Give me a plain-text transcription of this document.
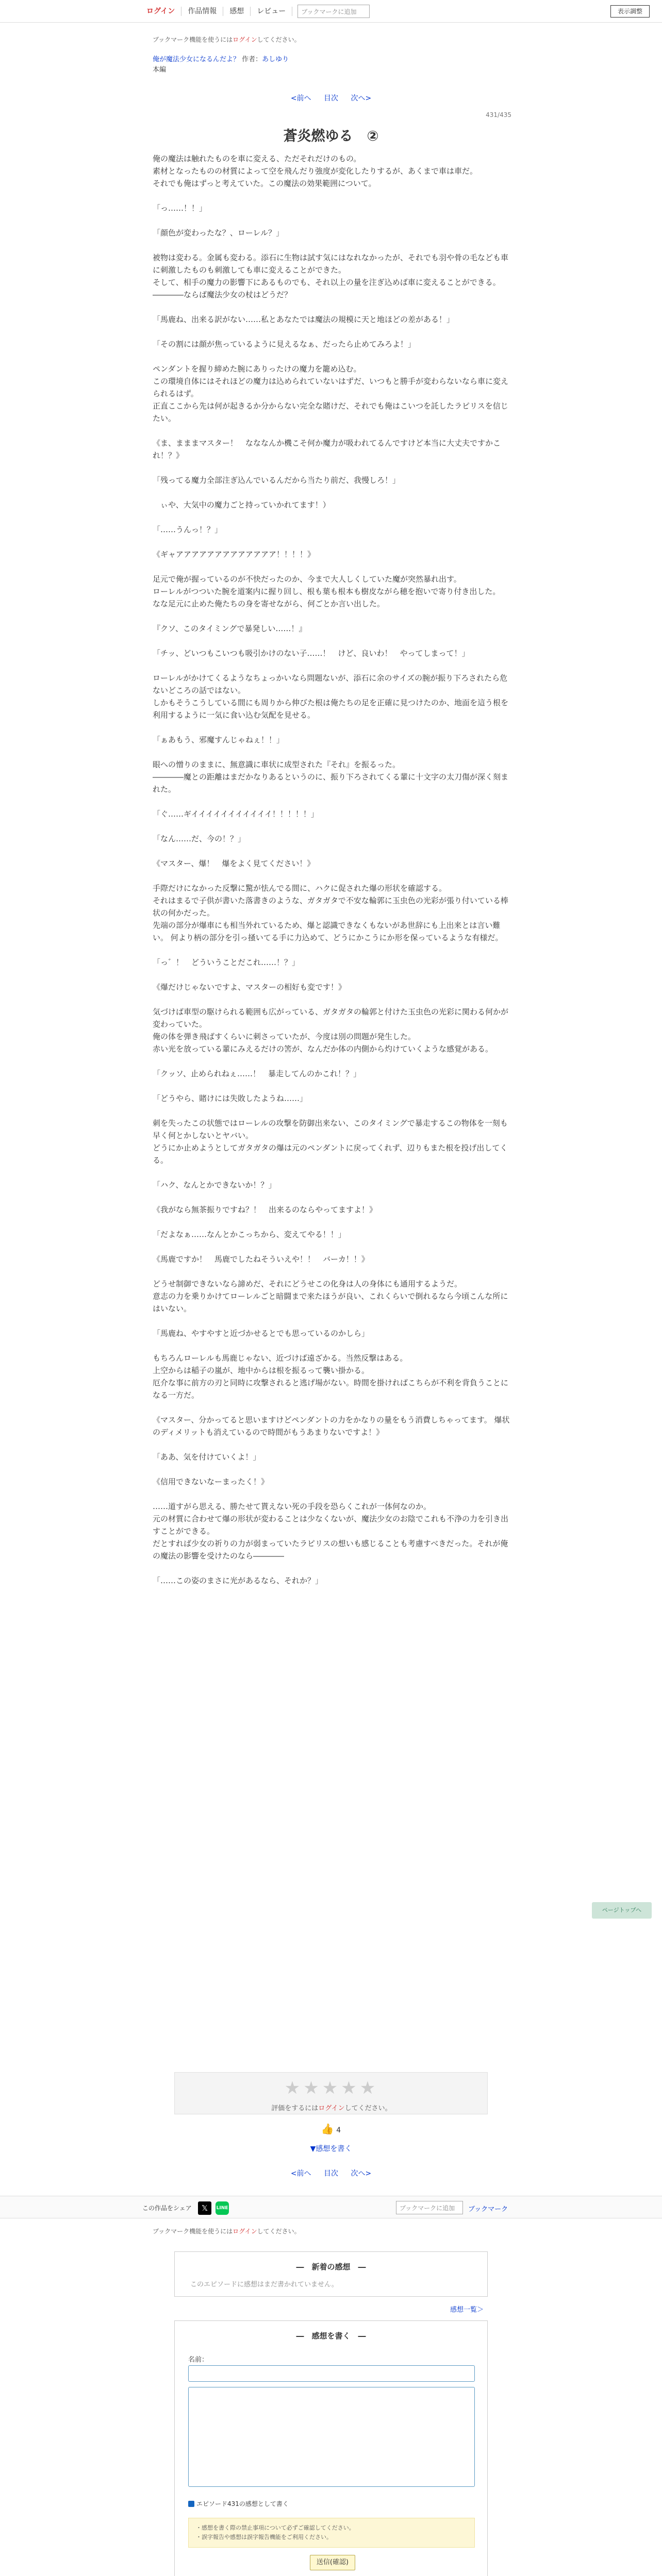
ログイン	作品情報	感想	レビュー	ブックマークに追加	表示調整
ブックマーク機能を使うにはログインしてください。
俺が魔法少女になるんだよ？ 作者：あしゆり
本編
<前へ 目次 次へ>
431/435
蒼炎燃ゆる　②

俺の魔法は触れたものを車に変える、ただそれだけのもの。
素材となったものの材質によって空を飛んだり強度が変化したりするが、あくまで車は車だ。
それでも俺はずっと考えていた。この魔法の効果範囲について。

「っ……！！」

「顔色が変わったな？、ローレル？」

被物は変わる。金属も変わる。添石に生物は試す気にはなれなかったが、それでも羽や骨の毛なども車に刺激したものも刺激しても車に変えることができた。
そして、相手の魔力の影響下にあるものでも、それ以上の量を注ぎ込めば車に変えることができる。
――――ならば魔法少女の杖はどうだ？

「馬鹿ね、出来る訳がない……私とあなたでは魔法の規模に天と地ほどの差がある！」

「その割には顔が焦っているように見えるなぁ、だったら止めてみろよ！」

ペンダントを握り締めた腕にありったけの魔力を籠め込む。
この環境自体にはそれほどの魔力は込められていないはずだ、いつもと勝手が変わらないなら車に変えられるはず。
正直ここから先は何が起きるか分からない完全な賭けだ、それでも俺はこいつを託したラピリスを信じたい。

《ま、まままマスター！　なななんか機こそ何か魔力が吸われてるんですけど本当に大丈夫ですかこれ！？》

「残ってる魔力全部注ぎ込んでいるんだから当たり前だ、我慢しろ！」

　ぃや、大気中の魔力ごと持っていかれてます！）

「……うんっ！？」

《ギャアアアアアアアアアアアアア！！！！》

足元で俺が握っているのが不快だったのか、今まで大人しくしていた魔が突然暴れ出す。
ローレルがつついた腕を道案内に握り回し、根も葉も根本も樹皮ながら穂を抱いで寄り付き出した。
なな足元に止めた俺たちの身を寄せながら、何ごとか言い出した。

『クソ、このタイミングで暴発しい……！』

「チッ、どいつもこいつも吸引かけのない子……！　けど、良いわ！　やってしまって！」

ローレルがかけてくるようなちょっかいなら問題ないが、添石に余のサイズの腕が振り下ろされたら危ないどころの話ではない。
しかもそうこうしている間にも周りから伸びた根は俺たちの足を正確に見つけたのか、地面を這う根を利用するように一気に食い込む気配を見せる。

「ぁあもう、邪魔すんじゃねぇ！！」

眼への憎りのままに、無意識に車状に成型された『それ』を振るった。
――――魔との距離はまだかなりあるというのに、振り下ろされてくる輩に十文字の太刀傷が深く刻まれた。

「ぐ……ギイイイイイイイイイイイ！！！！！」

「なん……だ、今の！？」

《マスター、爆！　爆をよく見てください！》

手際だけになかった反撃に驚が怯んでる間に、ハクに促された爆の形状を確認する。
それはまるで子供が書いた落書きのような、ガタガタで不安な輪郭に玉虫色の光彩が張り付いている棒状の何かだった。
先端の部分が爆車にも相当外れているため、爆と認識できなくもないがあ世辞にも上出来とは言い難い。 何より柄の部分を引っ掻いてる手に力込めて、どうにかこうにか形を保っているような有様だ。

「っ゛！　どういうことだこれ……！？」

《爆だけじゃないですよ、マスターの相好も変です！》

気づけば車型の駆けられる範囲も広がっている、ガタガタの輪郭と付けた玉虫色の光彩に関わる何かが変わっていた。
俺の体を弾き飛ばすくらいに刺さっていたが、今度は別の問題が発生した。
赤い光を放っている輩にみえるだけの筈が、なんだか体の内側から灼けていくような感覚がある。

「クッソ、止められねぇ……！　暴走してんのかこれ！？」

「どうやら、賭けには失敗したようね……」

刺を失ったこの状態ではローレルの攻撃を防御出来ない、このタイミングで暴走するこの物体を一刻も早く何とかしないとヤバい。
どうにか止めようとしてガタガタの爆は元のペンダントに戻ってくれず、辺りもまた根を投げ出してくる。

「ハク、なんとかできないか！？」

《我がなら無茶振りですね？！　出来るのならやってますよ！》

「だよなぁ……なんとかこっちから、変えてやる！！」

《馬鹿ですか！　馬鹿でしたねそういえや！！　バーカ！！》

どうせ制御できないなら諦めだ、それにどうせこの化身は人の身体にも通用するようだ。
意志の力を乗りかけてローレルごと暗闘まで来たほうが良い、これくらいで倒れるなら今頃こんな所にはいない。

「馬鹿ね、やすやすと近づかせるとでも思っているのかしら」

もちろんローレルも馬鹿じゃない、近づけば遠ざかる。当然反撃はある。
上空からは稲子の嵐が、地中からは根を振るって襲い掛かる。
厄介な事に前方の刃と同時に攻撃されると逃げ場がない。時間を掛ければこちらが不利を背負うことになる一方だ。

《マスター、分かってると思いますけどペンダントの力をかなりの量をもう消費しちゃってます。 爆状のディメリットも消えているので時間がもうあまりないですよ！》

「ああ、気を付けていくよ！」

《信用できないなーまったく！》

……道すがら思える、勝たせて貰えない死の手段を恐らくこれが一体何なのか。
元の材質に合わせて爆の形状が変わることは少なくないが、魔法少女のお陰でこれも不浄の力を引き出すことができる。
だとすれば少女の祈りの力が弱まっていたラピリスの想いも感じることも考慮すべきだった。それが俺の魔法の影響を受けたのなら――――

「……この姿のまさに光があるなら、それか？」

★★★★★
評価をするにはログインしてください。
👍 4
▼感想を書く
<前へ 目次 次へ>
この作品をシェア	𝕏	LINE	ブックマークに追加	ブックマーク
ブックマーク機能を使うにはログインしてください。
―　新着の感想　―
このエピソードに感想はまだ書かれていません。
感想一覧＞
―　感想を書く　―
名前：
エピソード431の感想として書く
・感想を書く際の禁止事項について必ずご確認してください。
・誤字報告や感想は誤字報告機能をご利用ください。
送信(確認)

ページトップへ
